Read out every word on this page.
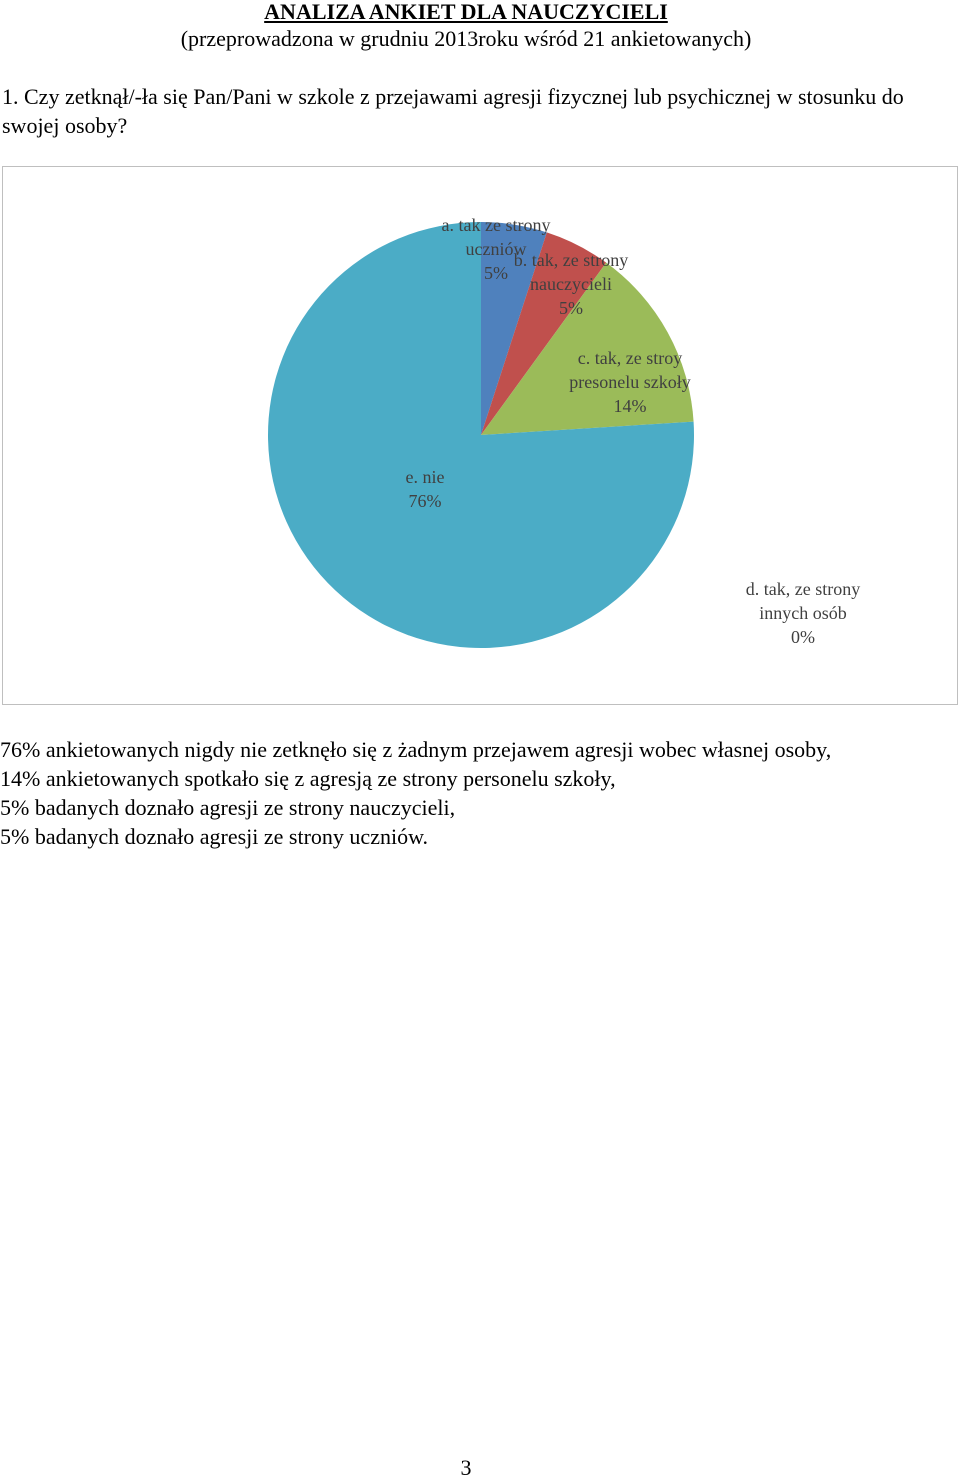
ANALIZA ANKIET DLA NAUCZYCIELI
(przeprowadzona w grudniu 2013roku wśród 21 ankietowanych)
1. Czy zetknął/-ła się Pan/Pani w szkole z przejawami agresji fizycznej lub psychicznej w stosunku do swojej osoby?
a. tak ze strony uczniów 5%
b. tak, ze strony nauczycieli 5%
c. tak, ze stroy presonelu szkoły 14%
d. tak, ze strony innych osób 0%
e. nie 76%

76% ankietowanych nigdy nie zetknęło się z żadnym przejawem agresji wobec własnej osoby,

14% ankietowanych spotkało się z agresją ze strony personelu szkoły,

5% badanych doznało agresji ze strony nauczycieli,

5% badanych doznało agresji ze strony uczniów.

3
